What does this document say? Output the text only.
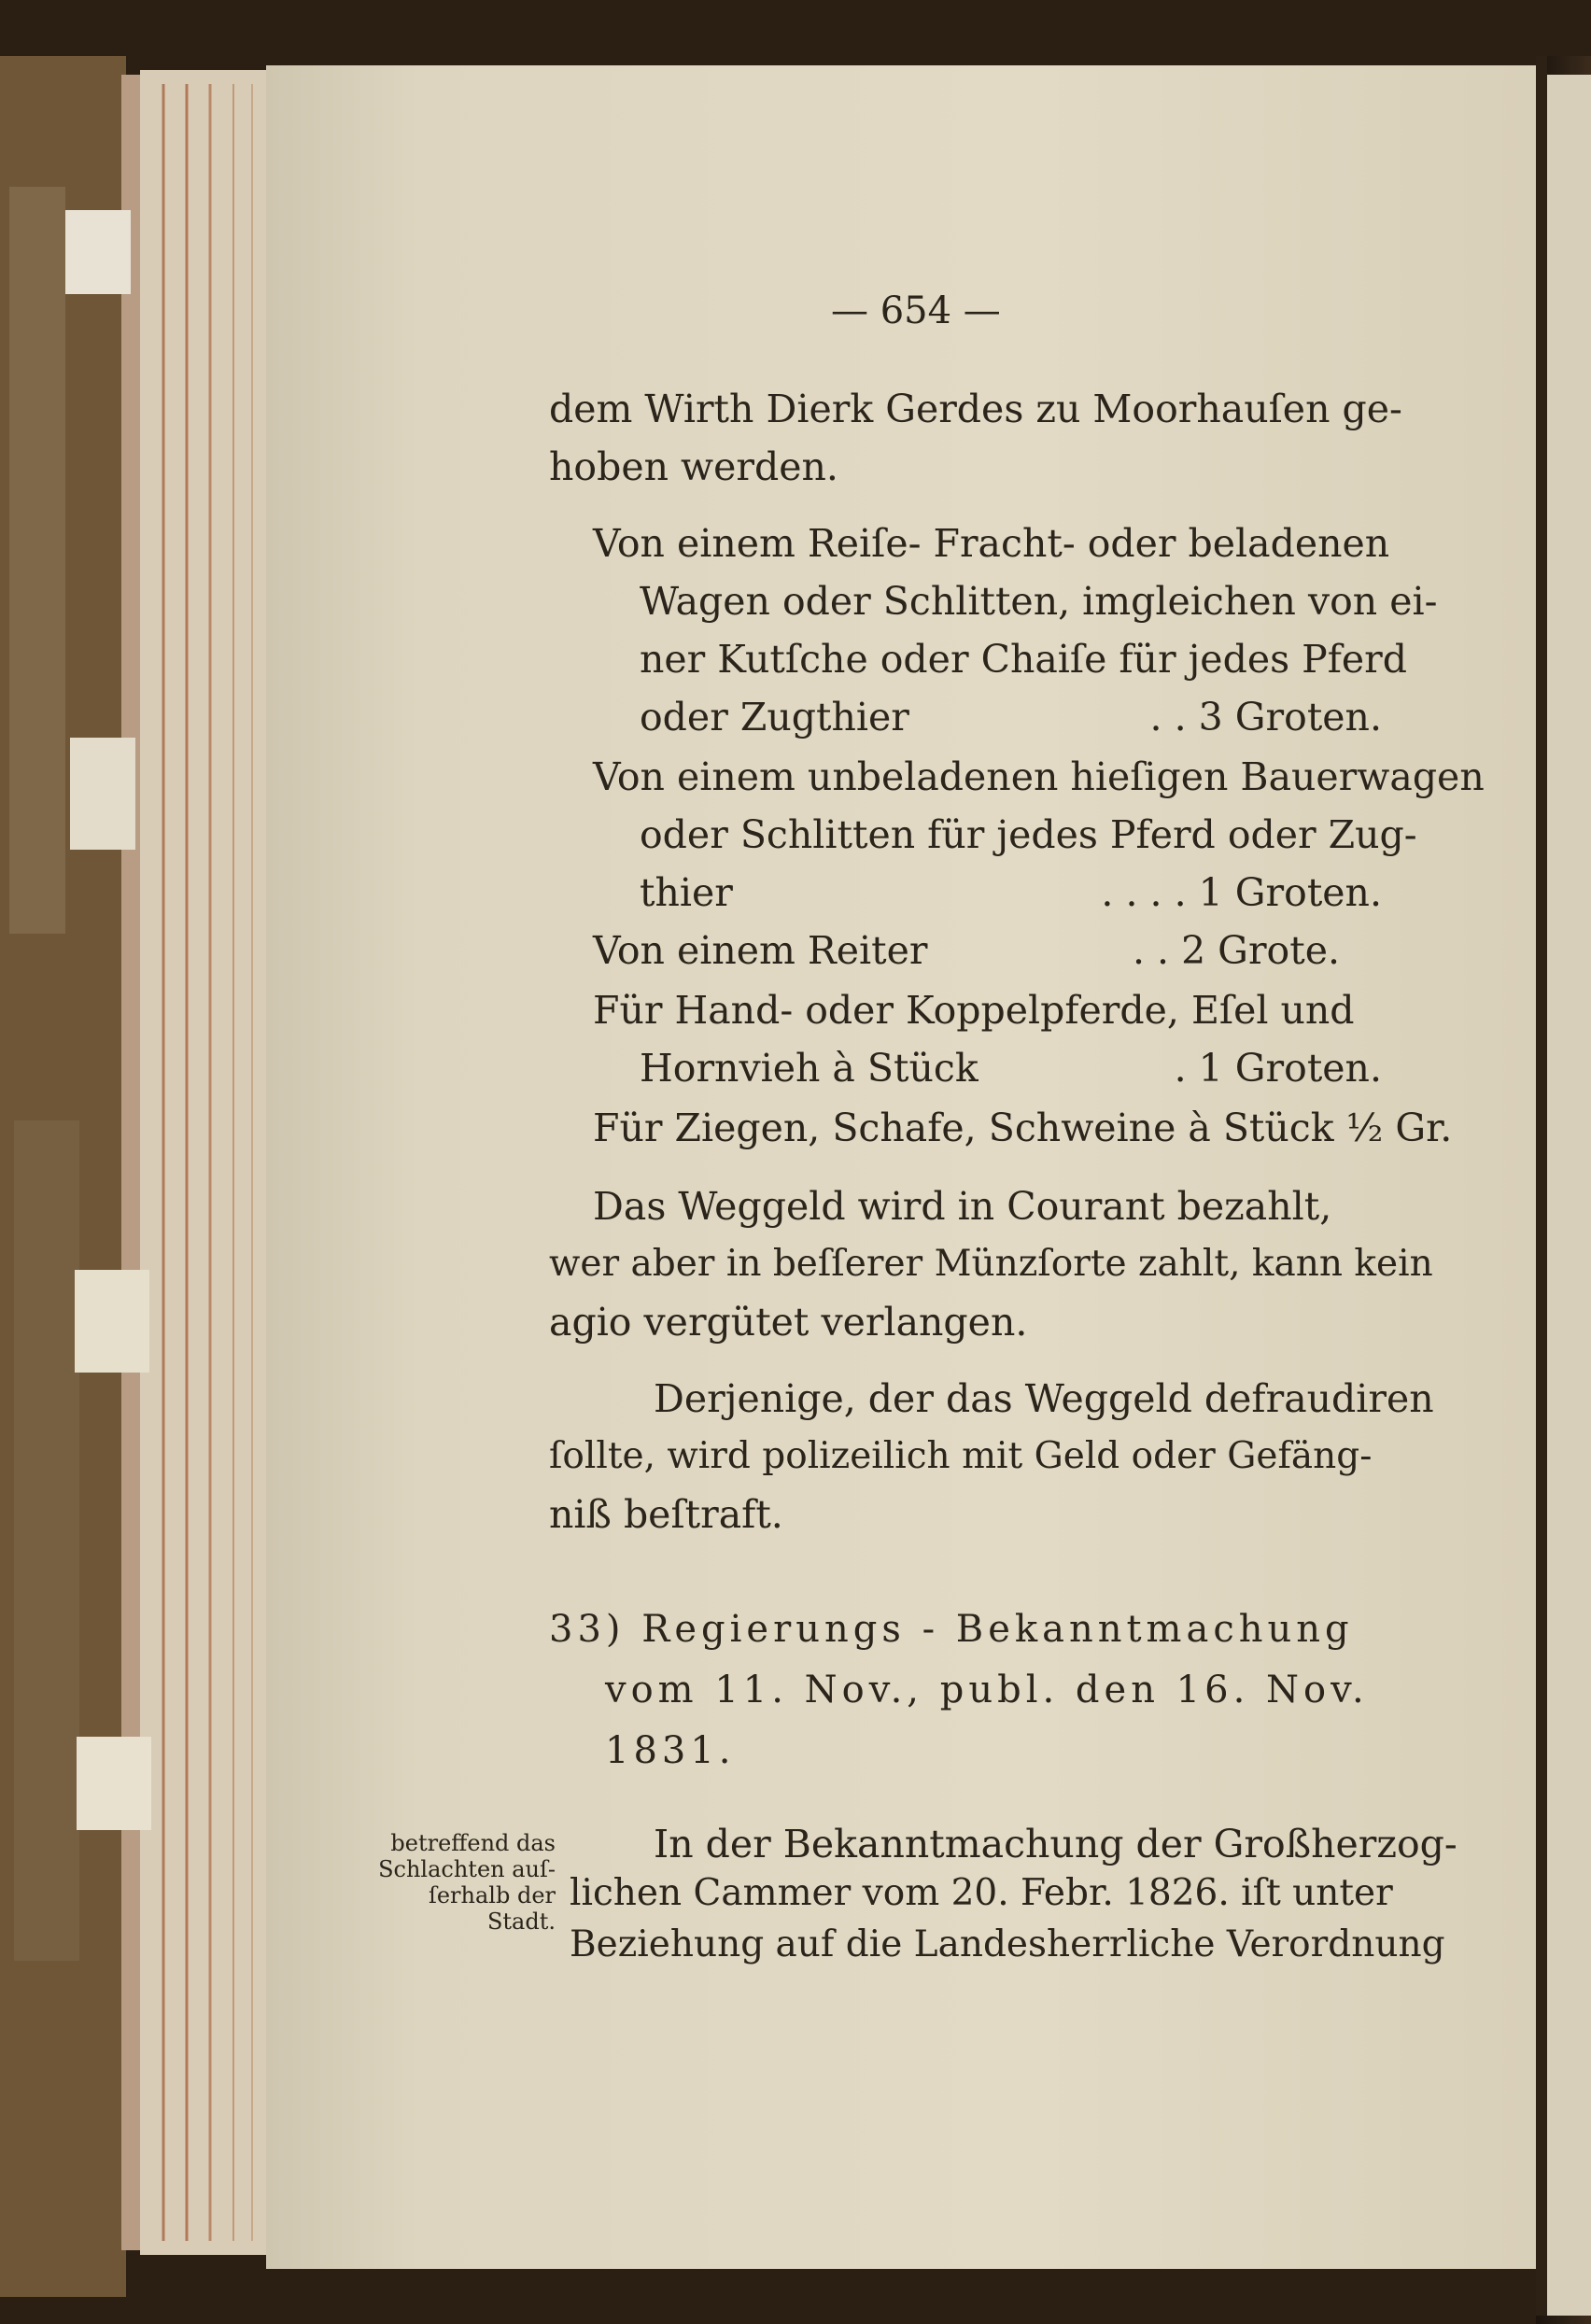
— 654 —
dem Wirth Dierk Gerdes zu Moorhauſen ge-
hoben werden.
Von einem Reiſe- Fracht- oder beladenen
Wagen oder Schlitten, imgleichen von ei-
ner Kutſche oder Chaiſe für jedes Pferd
oder Zugthier	. . 3 Groten.
Von einem unbeladenen hieſigen Bauerwagen
oder Schlitten für jedes Pferd oder Zug-
thier	. . . . 1 Groten.
Von einem Reiter	. . 2 Grote.
Für Hand- oder Koppelpferde, Eſel und
Hornvieh à Stück	. 1 Groten.
Für Ziegen, Schafe, Schweine à Stück ½ Gr.
Das Weggeld wird in Courant bezahlt,
wer aber in beſſerer Münzſorte zahlt, kann kein
agio vergütet verlangen.
Derjenige, der das Weggeld defraudiren
ſollte, wird polizeilich mit Geld oder Gefäng-
niß beſtraft.
33) Regierungs - Bekanntmachung
vom 11. Nov., publ. den 16. Nov.
1831.
betreffend das
Schlachten auſ-
ſerhalb der
Stadt.
In der Bekanntmachung der Großherzog-
lichen Cammer vom 20. Febr. 1826. iſt unter
Beziehung auf die Landesherrliche Verordnung
